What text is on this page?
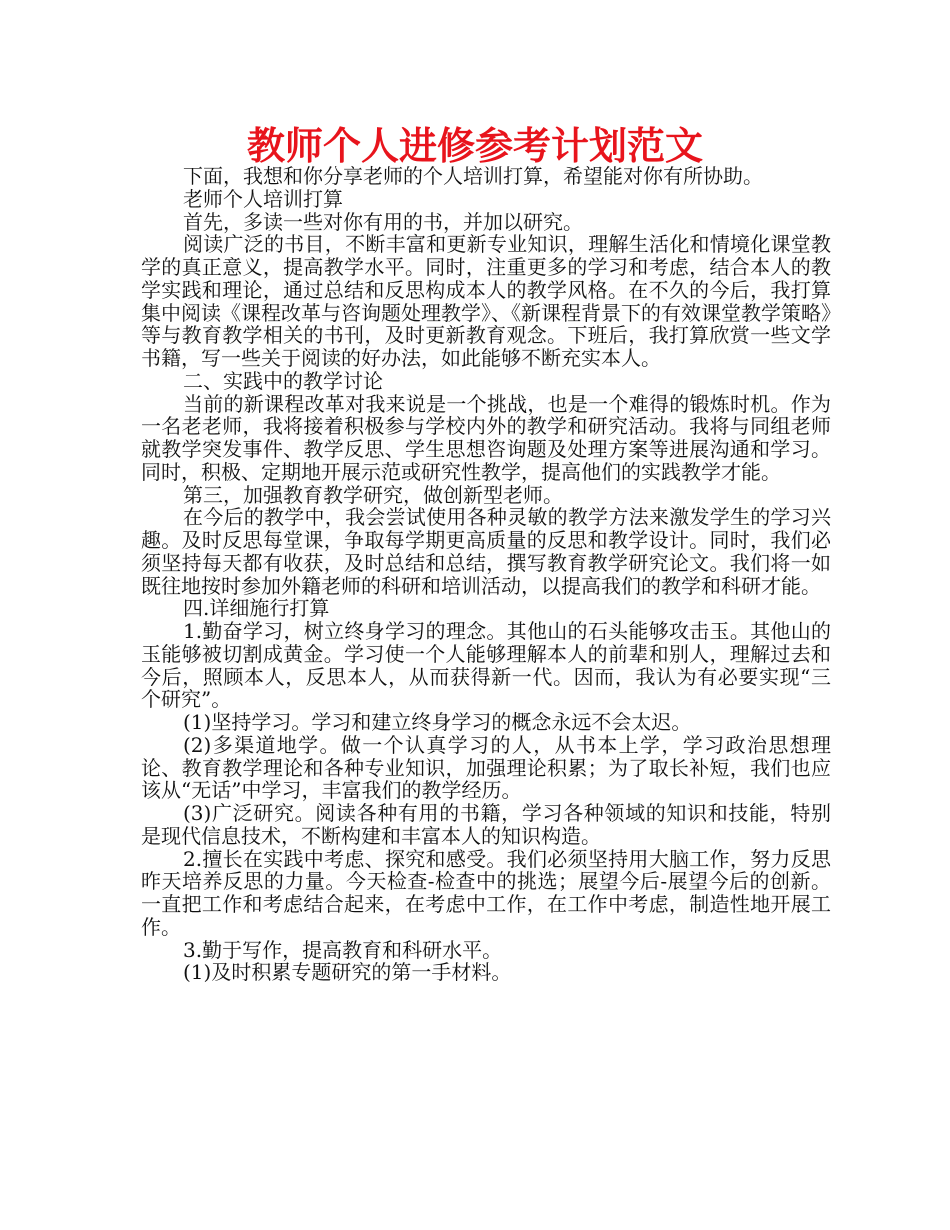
教师个人进修参考计划范文

下面，我想和你分享老师的个人培训打算，希望能对你有所协助。

老师个人培训打算

首先，多读一些对你有用的书，并加以研究。

阅读广泛的书目，不断丰富和更新专业知识，理解生活化和情境化课堂教学的真正意义，提高教学水平。同时，注重更多的学习和考虑，结合本人的教学实践和理论，通过总结和反思构成本人的教学风格。在不久的今后，我打算集中阅读《课程改革与咨询题处理教学》、《新课程背景下的有效课堂教学策略》等与教育教学相关的书刊，及时更新教育观念。下班后，我打算欣赏一些文学书籍，写一些关于阅读的好办法，如此能够不断充实本人。

二、实践中的教学讨论

当前的新课程改革对我来说是一个挑战，也是一个难得的锻炼时机。作为一名老老师，我将接着积极参与学校内外的教学和研究活动。我将与同组老师就教学突发事件、教学反思、学生思想咨询题及处理方案等进展沟通和学习。同时，积极、定期地开展示范或研究性教学，提高他们的实践教学才能。

第三，加强教育教学研究，做创新型老师。

在今后的教学中，我会尝试使用各种灵敏的教学方法来激发学生的学习兴趣。及时反思每堂课，争取每学期更高质量的反思和教学设计。同时，我们必须坚持每天都有收获，及时总结和总结，撰写教育教学研究论文。我们将一如既往地按时参加外籍老师的科研和培训活动，以提高我们的教学和科研才能。

四.详细施行打算

1.勤奋学习，树立终身学习的理念。其他山的石头能够攻击玉。其他山的玉能够被切割成黄金。学习使一个人能够理解本人的前辈和别人，理解过去和今后，照顾本人，反思本人，从而获得新一代。因而，我认为有必要实现“三个研究”。

(1)坚持学习。学习和建立终身学习的概念永远不会太迟。

(2)多渠道地学。做一个认真学习的人，从书本上学，学习政治思想理论、教育教学理论和各种专业知识，加强理论积累；为了取长补短，我们也应该从“无话”中学习，丰富我们的教学经历。

(3)广泛研究。阅读各种有用的书籍，学习各种领域的知识和技能，特别是现代信息技术，不断构建和丰富本人的知识构造。

2.擅长在实践中考虑、探究和感受。我们必须坚持用大脑工作，努力反思昨天培养反思的力量。今天检查-检查中的挑选；展望今后-展望今后的创新。一直把工作和考虑结合起来，在考虑中工作，在工作中考虑，制造性地开展工作。

3.勤于写作，提高教育和科研水平。

(1)及时积累专题研究的第一手材料。
